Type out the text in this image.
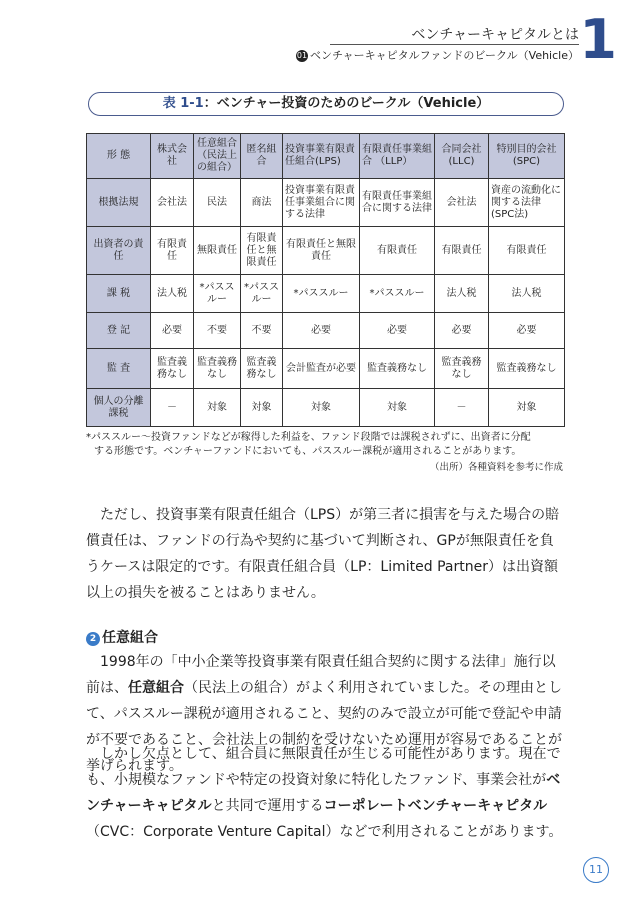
ベンチャーキャピタルとは
01 ベンチャーキャピタルファンドのビークル（Vehicle） 1
表 1-1：ベンチャー投資のためのビークル（Vehicle）
形 態	株式会社	任意組合（民法上の組合）	匿名組合	投資事業有限責任組合(LPS)	有限責任事業組合 （LLP）	合同会社(LLC)	特別目的会社(SPC)
根拠法規	会社法	民法	商法	投資事業有限責任事業組合に関する法律	有限責任事業組合に関する法律	会社法	資産の流動化に関する法律(SPC法)
出資者の責任	有限責任	無限責任	有限責任と無限責任	有限責任と無限責任	有限責任	有限責任	有限責任
課 税	法人税	*パススルー	*パススルー	*パススルー	*パススルー	法人税	法人税
登 記	必要	不要	不要	必要	必要	必要	必要
監 査	監査義務なし	監査義務なし	監査義務なし	会計監査が必要	監査義務なし	監査義務なし	監査義務なし
個人の分離課税	－	対象	対象	対象	対象	－	対象
*パススルー～投資ファンドなどが稼得した利益を、ファンド段階では課税されずに、出資者に分配
する形態です。ベンチャーファンドにおいても、パススルー課税が適用されることがあります。
（出所）各種資料を参考に作成
ただし、投資事業有限責任組合（LPS）が第三者に損害を与えた場合の賠償責任は、ファンドの行為や契約に基づいて判断され、GPが無限責任を負うケースは限定的です。有限責任組合員（LP：Limited Partner）は出資額以上の損失を被ることはありません。
2 任意組合
1998年の「中小企業等投資事業有限責任組合契約に関する法律」施行以前は、任意組合（民法上の組合）がよく利用されていました。その理由として、パススルー課税が適用されること、契約のみで設立が可能で登記や申請が不要であること、会社法上の制約を受けないため運用が容易であることが挙げられます。
しかし欠点として、組合員に無限責任が生じる可能性があります。現在でも、小規模なファンドや特定の投資対象に特化したファンド、事業会社がベンチャーキャピタルと共同で運用するコーポレートベンチャーキャピタル（CVC：Corporate Venture Capital）などで利用されることがあります。
11
